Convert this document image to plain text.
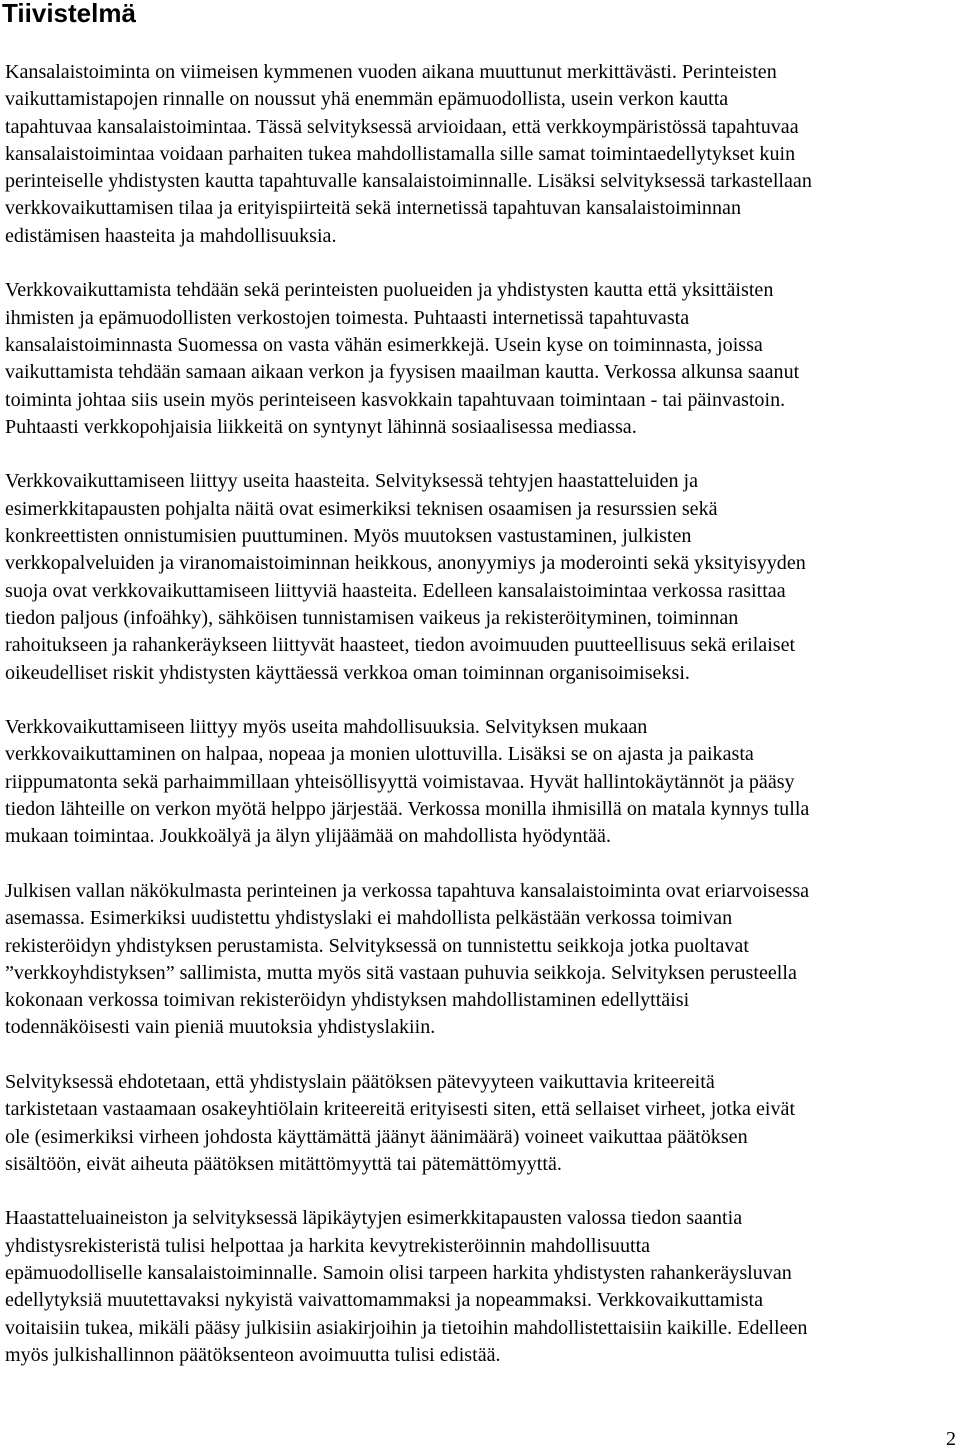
Tiivistelmä

Kansalaistoiminta on viimeisen kymmenen vuoden aikana muuttunut merkittävästi. Perinteisten
vaikuttamistapojen rinnalle on noussut yhä enemmän epämuodollista, usein verkon kautta
tapahtuvaa kansalaistoimintaa. Tässä selvityksessä arvioidaan, että verkkoympäristössä tapahtuvaa
kansalaistoimintaa voidaan parhaiten tukea mahdollistamalla sille samat toimintaedellytykset kuin
perinteiselle yhdistysten kautta tapahtuvalle kansalaistoiminnalle. Lisäksi selvityksessä tarkastellaan
verkkovaikuttamisen tilaa ja erityispiirteitä sekä internetissä tapahtuvan kansalaistoiminnan
edistämisen haasteita ja mahdollisuuksia.

Verkkovaikuttamista tehdään sekä perinteisten puolueiden ja yhdistysten kautta että yksittäisten
ihmisten ja epämuodollisten verkostojen toimesta. Puhtaasti internetissä tapahtuvasta
kansalaistoiminnasta Suomessa on vasta vähän esimerkkejä. Usein kyse on toiminnasta, joissa
vaikuttamista tehdään samaan aikaan verkon ja fyysisen maailman kautta. Verkossa alkunsa saanut
toiminta johtaa siis usein myös perinteiseen kasvokkain tapahtuvaan toimintaan - tai päinvastoin.
Puhtaasti verkkopohjaisia liikkeitä on syntynyt lähinnä sosiaalisessa mediassa.

Verkkovaikuttamiseen liittyy useita haasteita. Selvityksessä tehtyjen haastatteluiden ja
esimerkkitapausten pohjalta näitä ovat esimerkiksi teknisen osaamisen ja resurssien sekä
konkreettisten onnistumisien puuttuminen. Myös muutoksen vastustaminen, julkisten
verkkopalveluiden ja viranomaistoiminnan heikkous, anonyymiys ja moderointi sekä yksityisyyden
suoja ovat verkkovaikuttamiseen liittyviä haasteita. Edelleen kansalaistoimintaa verkossa rasittaa
tiedon paljous (infoähky), sähköisen tunnistamisen vaikeus ja rekisteröityminen, toiminnan
rahoitukseen ja rahankeräykseen liittyvät haasteet, tiedon avoimuuden puutteellisuus sekä erilaiset
oikeudelliset riskit yhdistysten käyttäessä verkkoa oman toiminnan organisoimiseksi.

Verkkovaikuttamiseen liittyy myös useita mahdollisuuksia. Selvityksen mukaan
verkkovaikuttaminen on halpaa, nopeaa ja monien ulottuvilla. Lisäksi se on ajasta ja paikasta
riippumatonta sekä parhaimmillaan yhteisöllisyyttä voimistavaa. Hyvät hallintokäytännöt ja pääsy
tiedon lähteille on verkon myötä helppo järjestää. Verkossa monilla ihmisillä on matala kynnys tulla
mukaan toimintaa. Joukkoälyä ja älyn ylijäämää on mahdollista hyödyntää.

Julkisen vallan näkökulmasta perinteinen ja verkossa tapahtuva kansalaistoiminta ovat eriarvoisessa
asemassa. Esimerkiksi uudistettu yhdistyslaki ei mahdollista pelkästään verkossa toimivan
rekisteröidyn yhdistyksen perustamista. Selvityksessä on tunnistettu seikkoja jotka puoltavat
”verkkoyhdistyksen” sallimista, mutta myös sitä vastaan puhuvia seikkoja. Selvityksen perusteella
kokonaan verkossa toimivan rekisteröidyn yhdistyksen mahdollistaminen edellyttäisi
todennäköisesti vain pieniä muutoksia yhdistyslakiin.

Selvityksessä ehdotetaan, että yhdistyslain päätöksen pätevyyteen vaikuttavia kriteereitä
tarkistetaan vastaamaan osakeyhtiölain kriteereitä erityisesti siten, että sellaiset virheet, jotka eivät
ole (esimerkiksi virheen johdosta käyttämättä jäänyt äänimäärä) voineet vaikuttaa päätöksen
sisältöön, eivät aiheuta päätöksen mitättömyyttä tai pätemättömyyttä.

Haastatteluaineiston ja selvityksessä läpikäytyjen esimerkkitapausten valossa tiedon saantia
yhdistysrekisteristä tulisi helpottaa ja harkita kevytrekisteröinnin mahdollisuutta
epämuodolliselle kansalaistoiminnalle. Samoin olisi tarpeen harkita yhdistysten rahankeräysluvan
edellytyksiä muutettavaksi nykyistä vaivattomammaksi ja nopeammaksi. Verkkovaikuttamista
voitaisiin tukea, mikäli pääsy julkisiin asiakirjoihin ja tietoihin mahdollistettaisiin kaikille. Edelleen
myös julkishallinnon päätöksenteon avoimuutta tulisi edistää.

2
